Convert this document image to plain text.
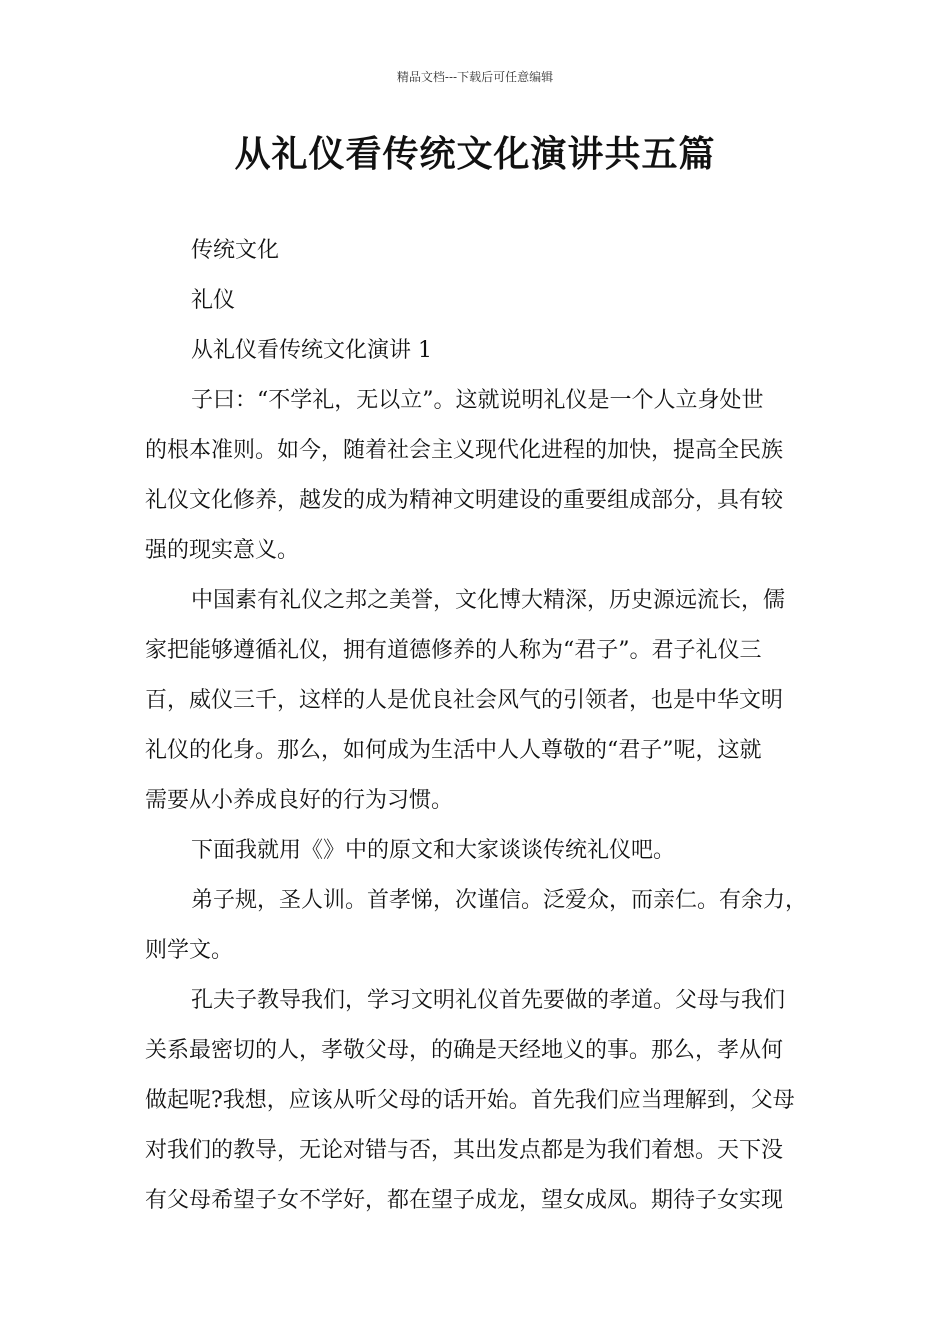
精品文档---下载后可任意编辑
从礼仪看传统文化演讲共五篇

传统文化

礼仪

从礼仪看传统文化演讲 1

子曰：“不学礼，无以立”。这就说明礼仪是一个人立身处世

的根本准则。如今，随着社会主义现代化进程的加快，提高全民族

礼仪文化修养，越发的成为精神文明建设的重要组成部分，具有较

强的现实意义。

中国素有礼仪之邦之美誉，文化博大精深，历史源远流长，儒

家把能够遵循礼仪，拥有道德修养的人称为“君子”。君子礼仪三

百，威仪三千，这样的人是优良社会风气的引领者，也是中华文明

礼仪的化身。那么，如何成为生活中人人尊敬的“君子”呢，这就

需要从小养成良好的行为习惯。

下面我就用《》中的原文和大家谈谈传统礼仪吧。

弟子规，圣人训。首孝悌，次谨信。泛爱众，而亲仁。有余力，

则学文。

孔夫子教导我们，学习文明礼仪首先要做的孝道。父母与我们

关系最密切的人，孝敬父母，的确是天经地义的事。那么，孝从何

做起呢?我想，应该从听父母的话开始。首先我们应当理解到，父母

对我们的教导，无论对错与否，其出发点都是为我们着想。天下没

有父母希望子女不学好，都在望子成龙，望女成凤。期待子女实现
